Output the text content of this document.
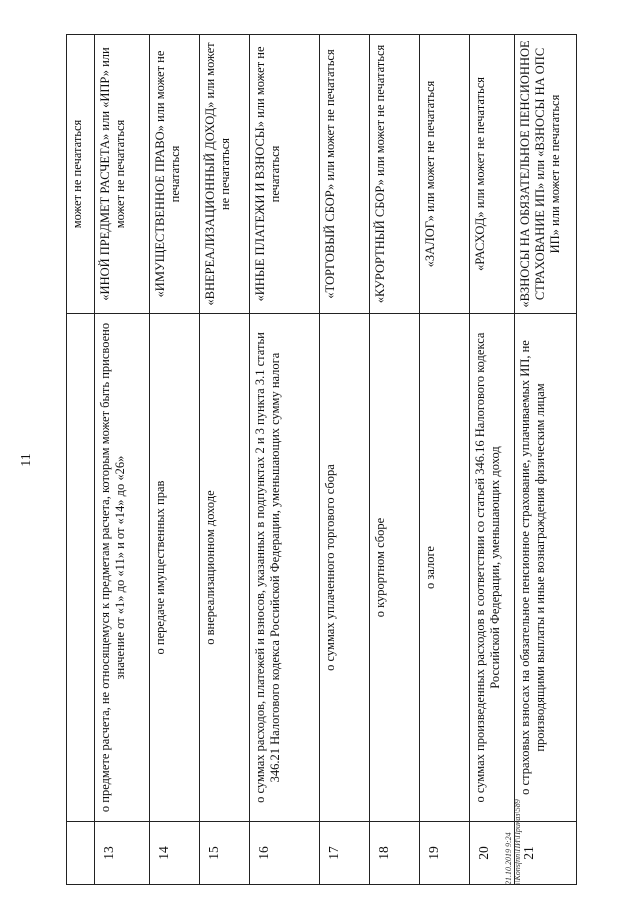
11
		может не печататься
13	о предмете расчета, не относящемуся к предметам расчета, которым может быть присвоено значение от «1» до «11» и от «14» до «26»	«ИНОЙ ПРЕДМЕТ РАСЧЕТА» или «ИПР» или может не печататься
14	о передаче имущественных прав	«ИМУЩЕСТВЕННОЕ ПРАВО» или может не печататься
15	о внереализационном доходе	«ВНЕРЕАЛИЗАЦИОННЫЙ ДОХОД» или может не печататься
16	о суммах расходов, платежей и взносов, указанных в подпунктах 2 и 3 пункта 3.1 статьи 346.21 Налогового кодекса Российской Федерации, уменьшающих сумму налога	«ИНЫЕ ПЛАТЕЖИ И ВЗНОСЫ» или может не печататься
17	о суммах уплаченного торгового сбора	«ТОРГОВЫЙ СБОР» или может не печататься
18	о курортном сборе	«КУРОРТНЫЙ СБОР» или может не печататься
19	о залоге	«ЗАЛОГ» или может не печататься
20	о суммах произведенных расходов в соответствии со статьей 346.16 Налогового кодекса Российской Федерации, уменьшающих доход	«РАСХОД» или может не печататься
21	о страховых взносах на обязательное пенсионное страхование, уплачиваемых ИП, не производящими выплаты и иные вознаграждения физическим лицам	«ВЗНОСЫ НА ОБЯЗАТЕЛЬНОЕ ПЕНСИОННОЕ СТРАХОВАНИЕ ИП» или «ВЗНОСЫ НА ОПС ИП» или может не печататься
21.10.2019 9:24 \\Konsfnn\ПИ\Приказ\589
